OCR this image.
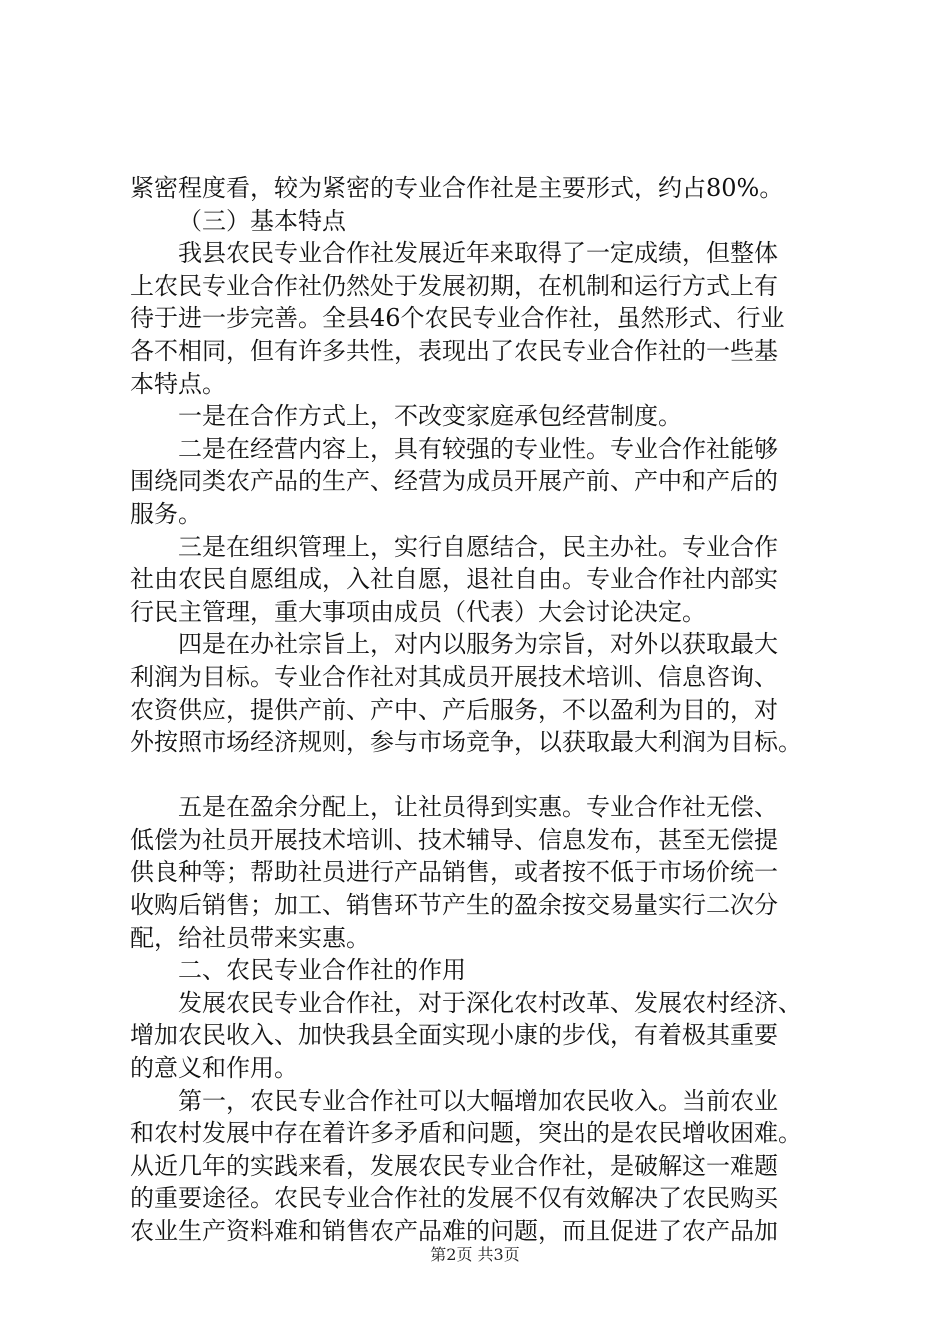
紧密程度看，较为紧密的专业合作社是主要形式，约占80%。
（三）基本特点
我县农民专业合作社发展近年来取得了一定成绩，但整体
上农民专业合作社仍然处于发展初期，在机制和运行方式上有
待于进一步完善。全县46个农民专业合作社，虽然形式、行业
各不相同，但有许多共性，表现出了农民专业合作社的一些基
本特点。
一是在合作方式上，不改变家庭承包经营制度。
二是在经营内容上，具有较强的专业性。专业合作社能够
围绕同类农产品的生产、经营为成员开展产前、产中和产后的
服务。
三是在组织管理上，实行自愿结合，民主办社。专业合作
社由农民自愿组成，入社自愿，退社自由。专业合作社内部实
行民主管理，重大事项由成员（代表）大会讨论决定。
四是在办社宗旨上，对内以服务为宗旨，对外以获取最大
利润为目标。专业合作社对其成员开展技术培训、信息咨询、
农资供应，提供产前、产中、产后服务，不以盈利为目的，对
外按照市场经济规则，参与市场竞争，以获取最大利润为目标。
五是在盈余分配上，让社员得到实惠。专业合作社无偿、
低偿为社员开展技术培训、技术辅导、信息发布，甚至无偿提
供良种等；帮助社员进行产品销售，或者按不低于市场价统一
收购后销售；加工、销售环节产生的盈余按交易量实行二次分
配，给社员带来实惠。
二、农民专业合作社的作用
发展农民专业合作社，对于深化农村改革、发展农村经济、
增加农民收入、加快我县全面实现小康的步伐，有着极其重要
的意义和作用。
第一，农民专业合作社可以大幅增加农民收入。当前农业
和农村发展中存在着许多矛盾和问题，突出的是农民增收困难。
从近几年的实践来看，发展农民专业合作社，是破解这一难题
的重要途径。农民专业合作社的发展不仅有效解决了农民购买
农业生产资料难和销售农产品难的问题，而且促进了农产品加
第2页 共3页
